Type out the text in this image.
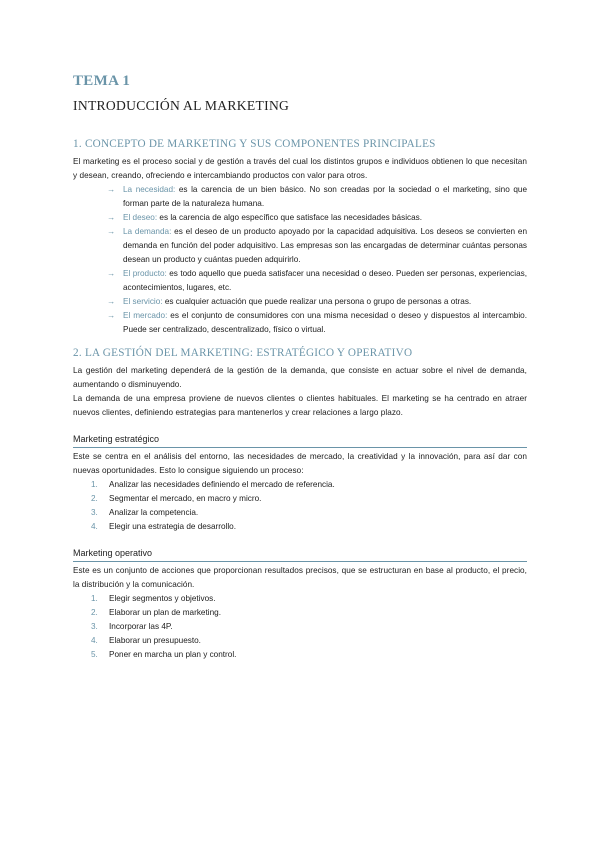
TEMA 1
INTRODUCCIÓN AL MARKETING
1. CONCEPTO DE MARKETING Y SUS COMPONENTES PRINCIPALES

El marketing es el proceso social y de gestión a través del cual los distintos grupos e individuos obtienen lo que necesitan y desean, creando, ofreciendo e intercambiando productos con valor para otros.

→ La necesidad: es la carencia de un bien básico. No son creadas por la sociedad o el marketing, sino que forman parte de la naturaleza humana.
→ El deseo: es la carencia de algo específico que satisface las necesidades básicas.
→ La demanda: es el deseo de un producto apoyado por la capacidad adquisitiva. Los deseos se convierten en demanda en función del poder adquisitivo. Las empresas son las encargadas de determinar cuántas personas desean un producto y cuántas pueden adquirirlo.
→ El producto: es todo aquello que pueda satisfacer una necesidad o deseo. Pueden ser personas, experiencias, acontecimientos, lugares, etc.
→ El servicio: es cualquier actuación que puede realizar una persona o grupo de personas a otras.
→ El mercado: es el conjunto de consumidores con una misma necesidad o deseo y dispuestos al intercambio. Puede ser centralizado, descentralizado, físico o virtual.
2. LA GESTIÓN DEL MARKETING: ESTRATÉGICO Y OPERATIVO

La gestión del marketing dependerá de la gestión de la demanda, que consiste en actuar sobre el nivel de demanda, aumentando o disminuyendo.

La demanda de una empresa proviene de nuevos clientes o clientes habituales. El marketing se ha centrado en atraer nuevos clientes, definiendo estrategias para mantenerlos y crear relaciones a largo plazo.

Marketing estratégico

Este se centra en el análisis del entorno, las necesidades de mercado, la creatividad y la innovación, para así dar con nuevas oportunidades. Esto lo consigue siguiendo un proceso:

1. Analizar las necesidades definiendo el mercado de referencia.
2. Segmentar el mercado, en macro y micro.
3. Analizar la competencia.
4. Elegir una estrategia de desarrollo.
Marketing operativo

Este es un conjunto de acciones que proporcionan resultados precisos, que se estructuran en base al producto, el precio, la distribución y la comunicación.

1. Elegir segmentos y objetivos.
2. Elaborar un plan de marketing.
3. Incorporar las 4P.
4. Elaborar un presupuesto.
5. Poner en marcha un plan y control.
